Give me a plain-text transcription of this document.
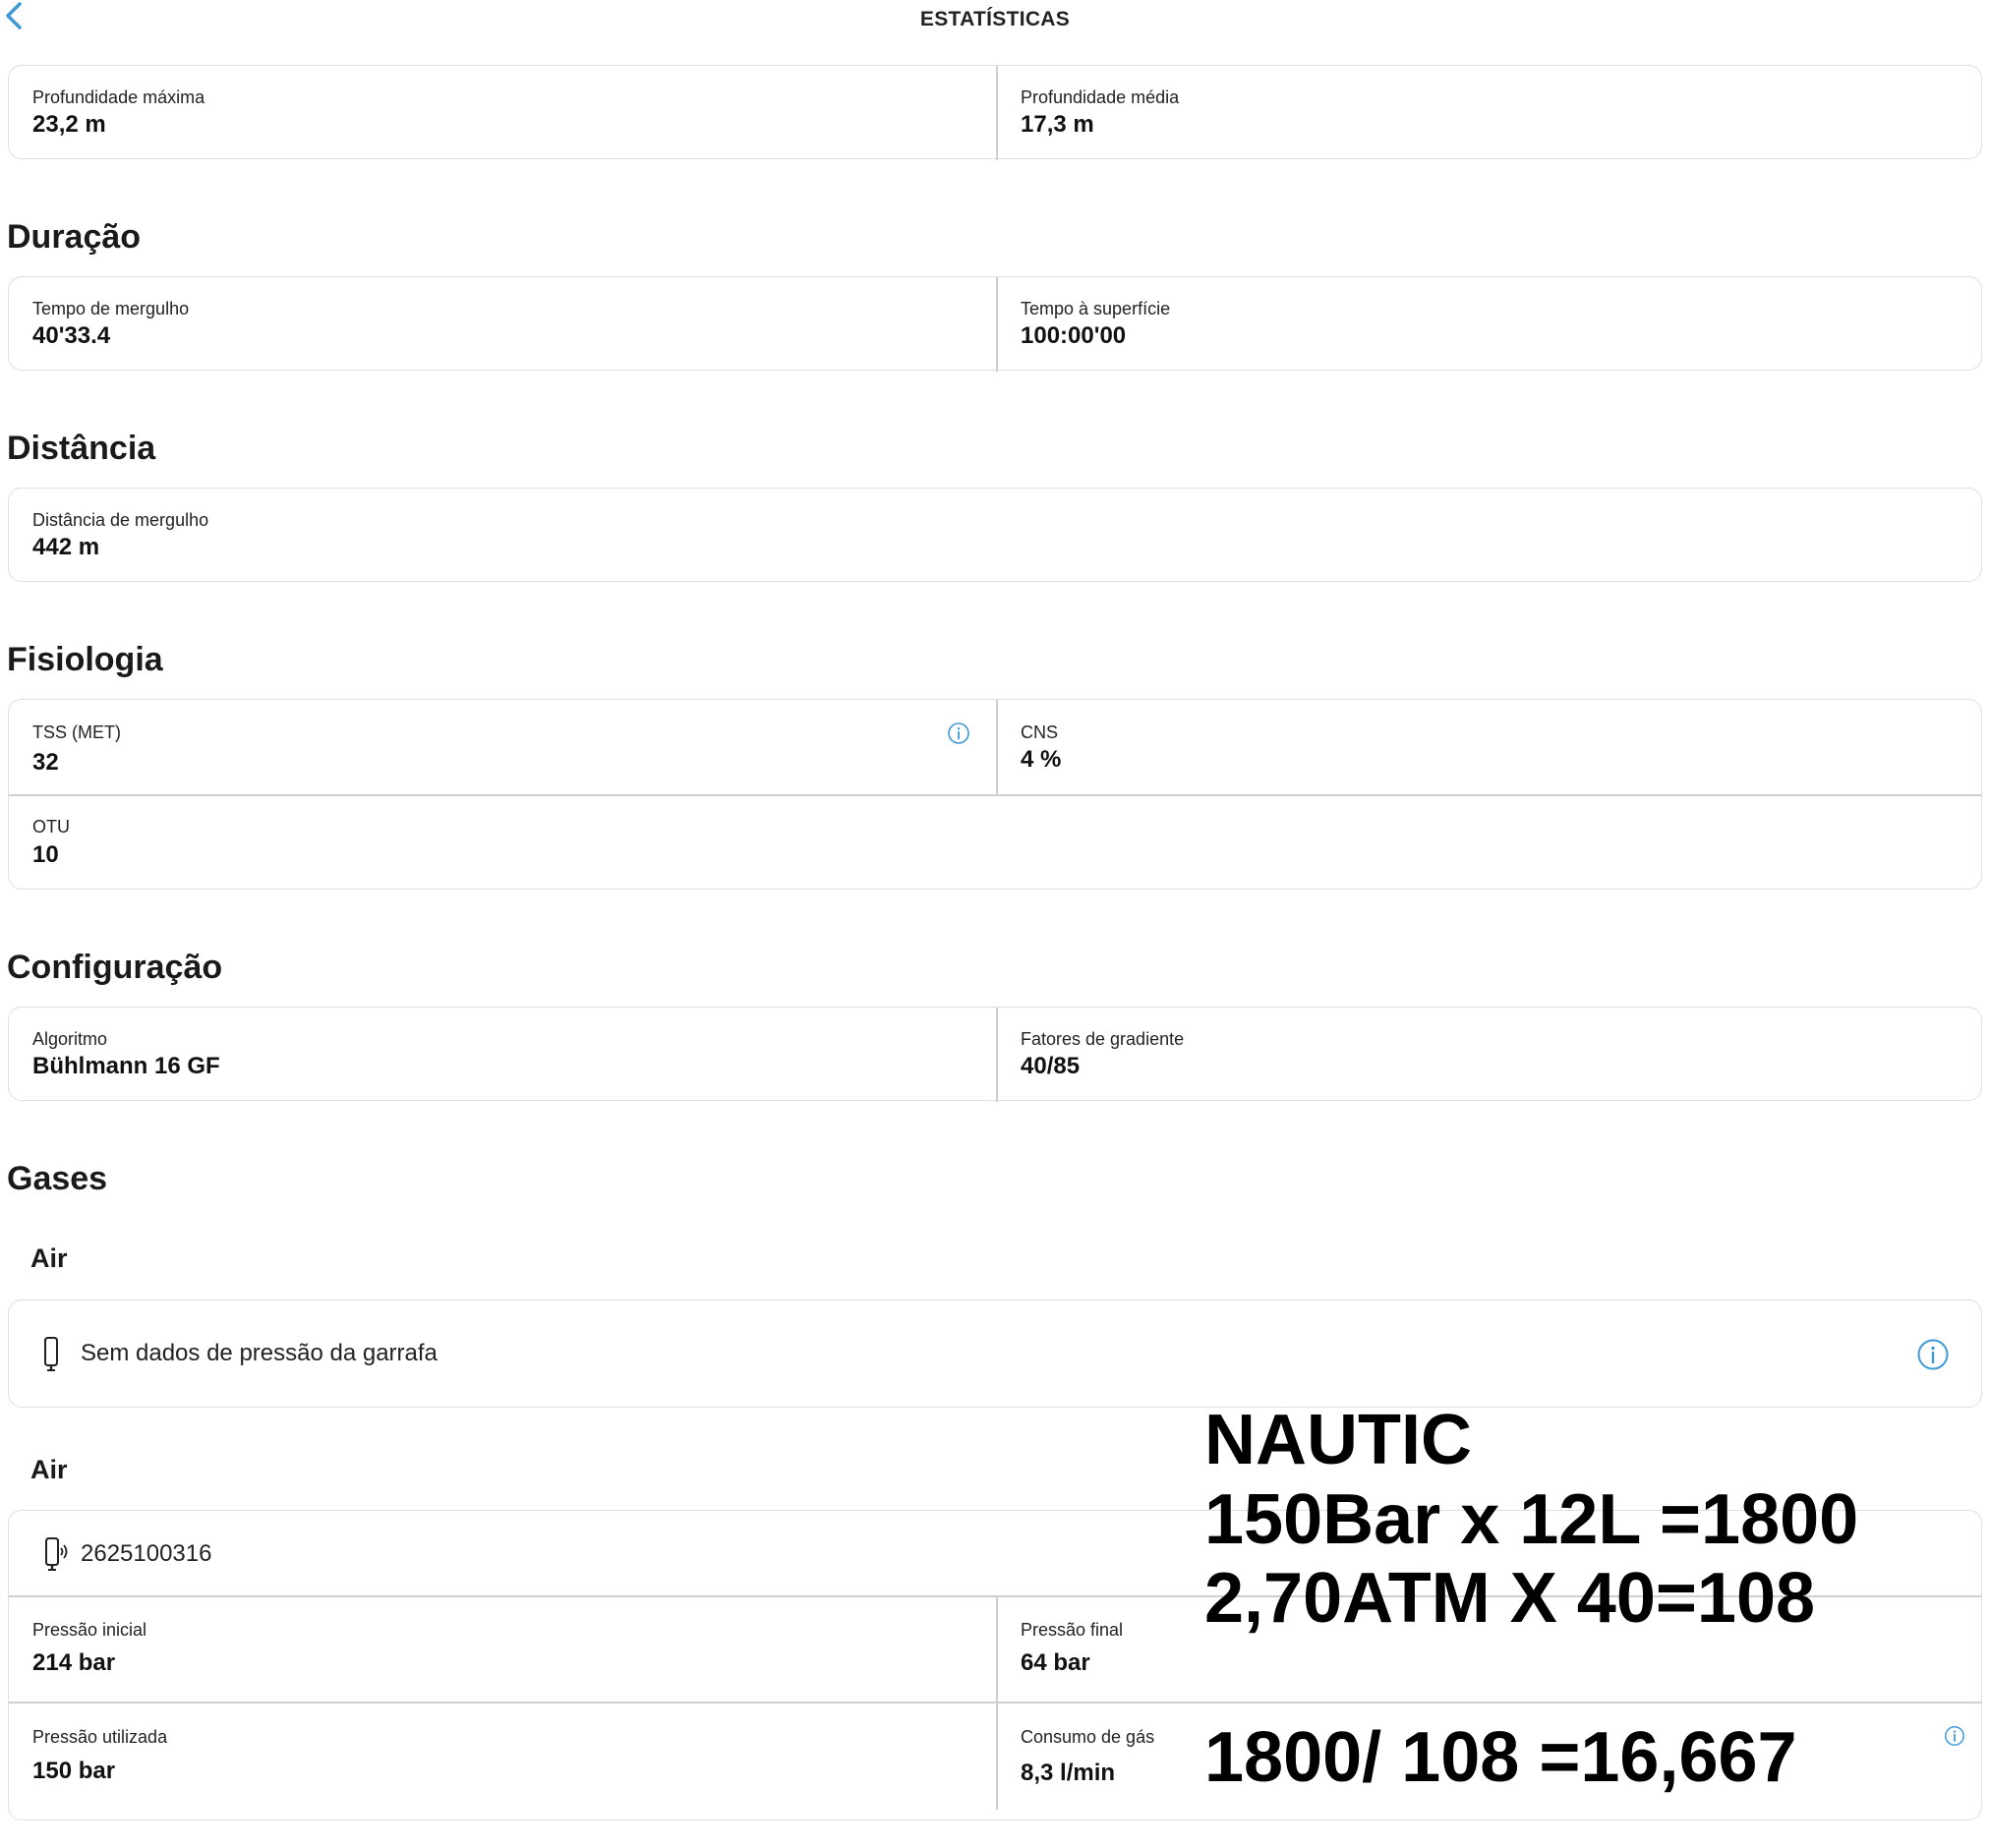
ESTATÍSTICAS
Profundidade máxima
23,2 m
Profundidade média
17,3 m
Duração
Tempo de mergulho
40'33.4
Tempo à superfície
100:00'00
Distância
Distância de mergulho
442 m
Fisiologia
TSS (MET)
32
CNS
4 %
OTU
10
Configuração
Algoritmo
Bühlmann 16 GF
Fatores de gradiente
40/85
Gases
Air
Sem dados de pressão da garrafa
Air
2625100316
Pressão inicial
214 bar
Pressão final
64 bar
Pressão utilizada
150 bar
Consumo de gás
8,3 l/min
NAUTIC
150Bar x 12L =1800
2,70ATM X 40=108
1800/ 108 =16,667
